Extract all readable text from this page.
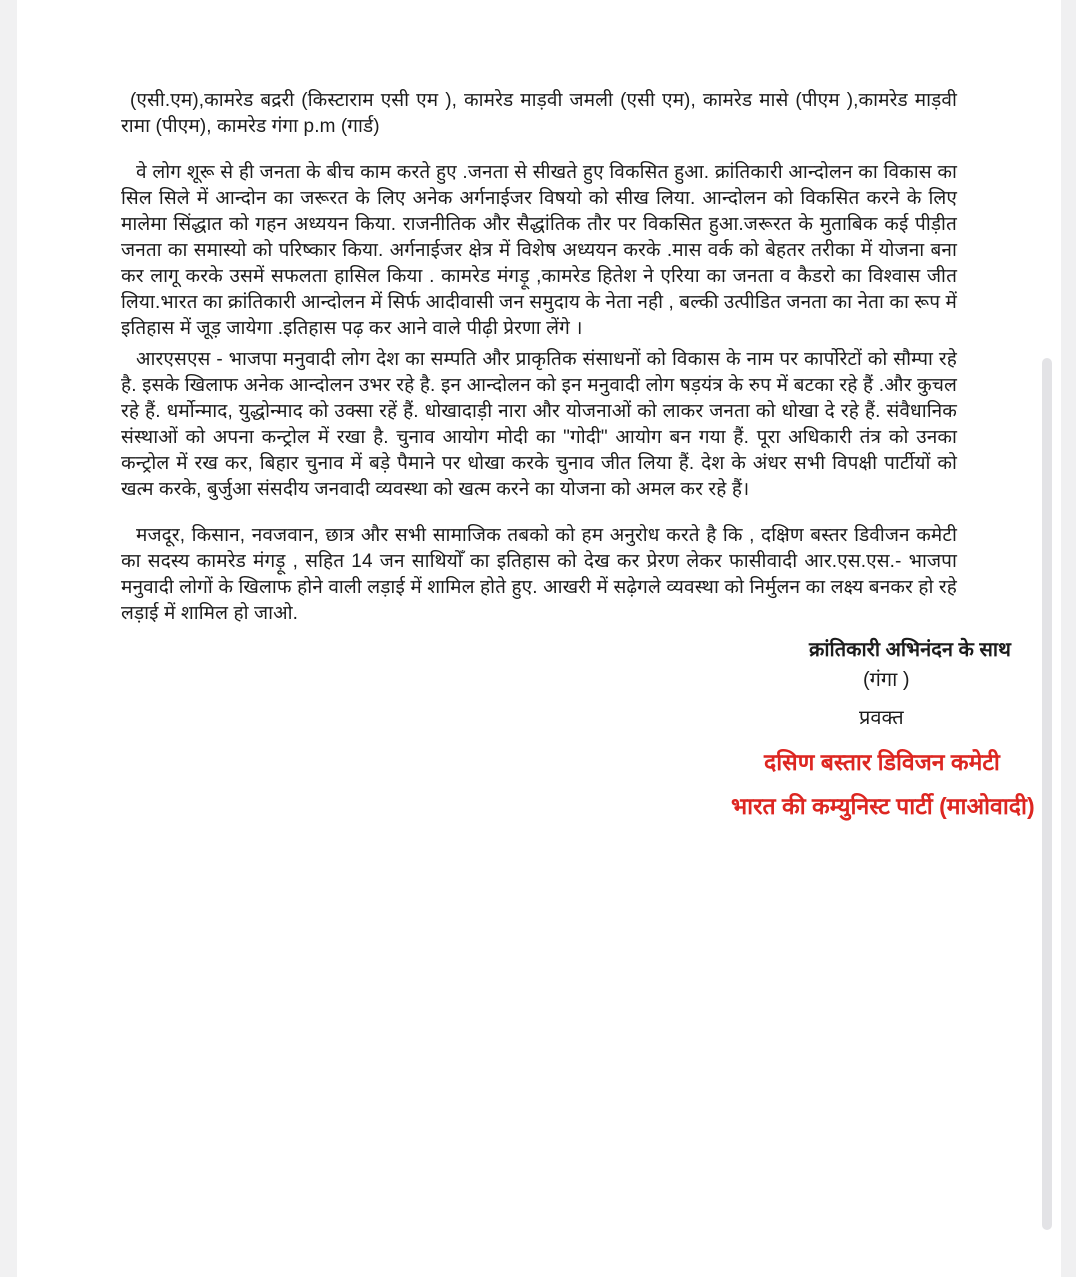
(एसी.एम),कामरेड बद्ररी (किस्टाराम एसी एम ), कामरेड माड़वी जमली (एसी एम), कामरेड मासे (पीएम ),कामरेड माड़वी रामा (पीएम), कामरेड गंगा p.m (गार्ड)

वे लोग शूरू से ही जनता के बीच काम करते हुए .जनता से सीखते हुए विकसित हुआ. क्रांतिकारी आन्दोलन का विकास का सिल सिले में आन्दोन का जरूरत के लिए अनेक अर्गनाईजर विषयो को सीख लिया. आन्दोलन को विकसित करने के लिए मालेमा सिंद्धात को गहन अध्ययन किया. राजनीतिक और सैद्धांतिक तौर पर विकसित हुआ.जरूरत के मुताबिक कई पीड़ीत जनता का समास्यो को परिष्कार किया. अर्गनाईजर क्षेत्र में विशेष अध्ययन करके .मास वर्क को बेहतर तरीका में योजना बना कर लागू करके उसमें सफलता हासिल किया . कामरेड मंगड़ू ,कामरेड हितेश ने एरिया का जनता व कैडरो का विश्वास जीत लिया.भारत का क्रांतिकारी आन्दोलन में सिर्फ आदीवासी जन समुदाय के नेता नही , बल्की उत्पीडित जनता का नेता का रूप में इतिहास में जूड़ जायेगा .इतिहास पढ़ कर आने वाले पीढ़ी प्रेरणा लेंगे ।

आरएसएस - भाजपा मनुवादी लोग देश का सम्पति और प्राकृतिक संसाधनों को विकास के नाम पर कार्पोरेटों को सौम्पा रहे है. इसके खिलाफ अनेक आन्दोलन उभर रहे है. इन आन्दोलन को इन मनुवादी लोग षड़यंत्र के रुप में बटका रहे हैं .और कुचल रहे हैं. धर्मोन्माद, युद्धोन्माद को उक्सा रहें हैं. धोखादाड़ी नारा और योजनाओं को लाकर जनता को धोखा दे रहे हैं. संवैधानिक संस्थाओं को अपना कन्ट्रोल में रखा है. चुनाव आयोग मोदी का "गोदी" आयोग बन गया हैं. पूरा अधिकारी तंत्र को उनका कन्ट्रोल में रख कर, बिहार चुनाव में बड़े पैमाने पर धोखा करके चुनाव जीत लिया हैं. देश के अंधर सभी विपक्षी पार्टीयों को खत्म करके, बुर्जुआ संसदीय जनवादी व्यवस्था को खत्म करने का योजना को अमल कर रहे हैं।

मजदूर, किसान, नवजवान, छात्र और सभी सामाजिक तबको को हम अनुरोध करते है कि , दक्षिण बस्तर डिवीजन कमेटी का सदस्य कामरेड मंगड़ू , सहित 14 जन साथियोँ का इतिहास को देख कर प्रेरण लेकर फासीवादी आर.एस.एस.- भाजपा मनुवादी लोगों के खिलाफ होने वाली लड़ाई में शामिल होते हुए. आखरी में सढ़ेगले व्यवस्था को निर्मुलन का लक्ष्य बनकर हो रहे लड़ाई में शामिल हो जाओ.

क्रांतिकारी अभिनंदन के साथ

(गंगा )

प्रवक्त

दसिण बस्तार डिविजन कमेटी

भारत की कम्युनिस्ट पार्टी (माओवादी)
